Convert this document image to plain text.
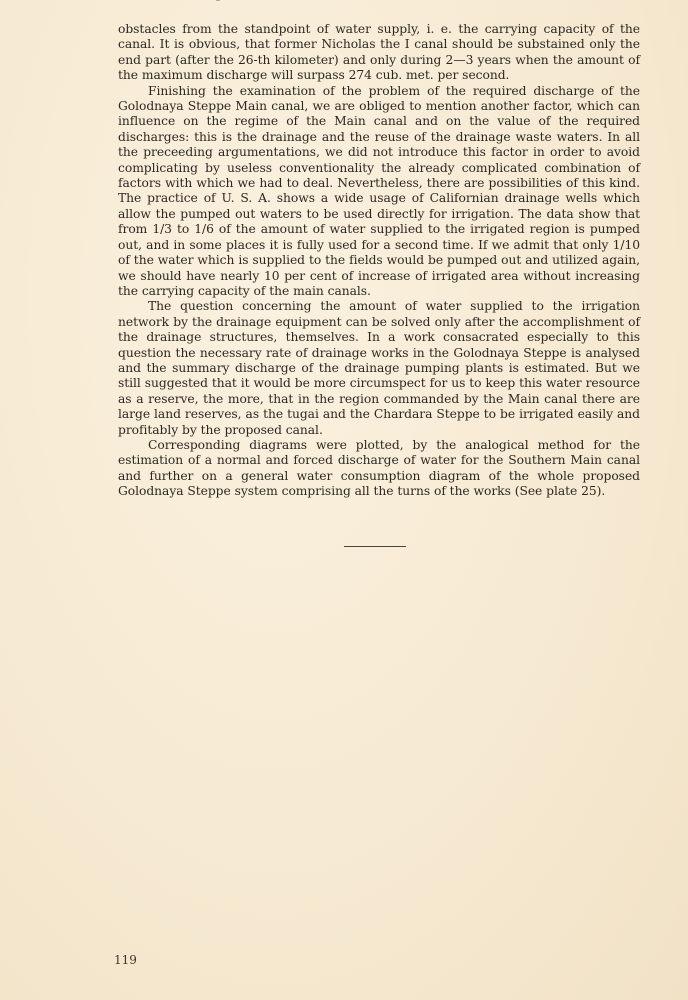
obstacles from the standpoint of water supply, i. e. the carrying capacity of the canal. It is obvious, that former Nicholas the I canal should be substained only the end part (after the 26-th kilometer) and only during 2—3 years when the amount of the maximum discharge will surpass 274 cub. met. per second.

Finishing the examination of the problem of the required discharge of the Golodnaya Steppe Main canal, we are obliged to mention another factor, which can influence on the regime of the Main canal and on the value of the required discharges: this is the drainage and the reuse of the drainage waste waters. In all the preceeding argumentations, we did not introduce this factor in order to avoid complicating by useless conventionality the already complicated combination of factors with which we had to deal. Nevertheless, there are possibilities of this kind. The practice of U. S. A. shows a wide usage of Californian drainage wells which allow the pumped out waters to be used directly for irrigation. The data show that from 1/3 to 1/6 of the amount of water supplied to the irrigated region is pumped out, and in some places it is fully used for a second time. If we admit that only 1/10 of the water which is supplied to the fields would be pumped out and utilized again, we should have nearly 10 per cent of increase of irrigated area without increasing the carrying capacity of the main canals.

The question concerning the amount of water supplied to the irrigation network by the drainage equipment can be solved only after the accomplishment of the drainage structures, themselves. In a work consacrated especially to this question the necessary rate of drainage works in the Golodnaya Steppe is analysed and the summary discharge of the drainage pumping plants is estimated. But we still suggested that it would be more circumspect for us to keep this water resource as a reserve, the more, that in the region commanded by the Main canal there are large land reserves, as the tugai and the Chardara Steppe to be irrigated easily and profitably by the proposed canal.

Corresponding diagrams were plotted, by the analogical method for the estimation of a normal and forced discharge of water for the Southern Main canal and further on a general water consumption diagram of the whole proposed Golodnaya Steppe system comprising all the turns of the works (See plate 25).

119
